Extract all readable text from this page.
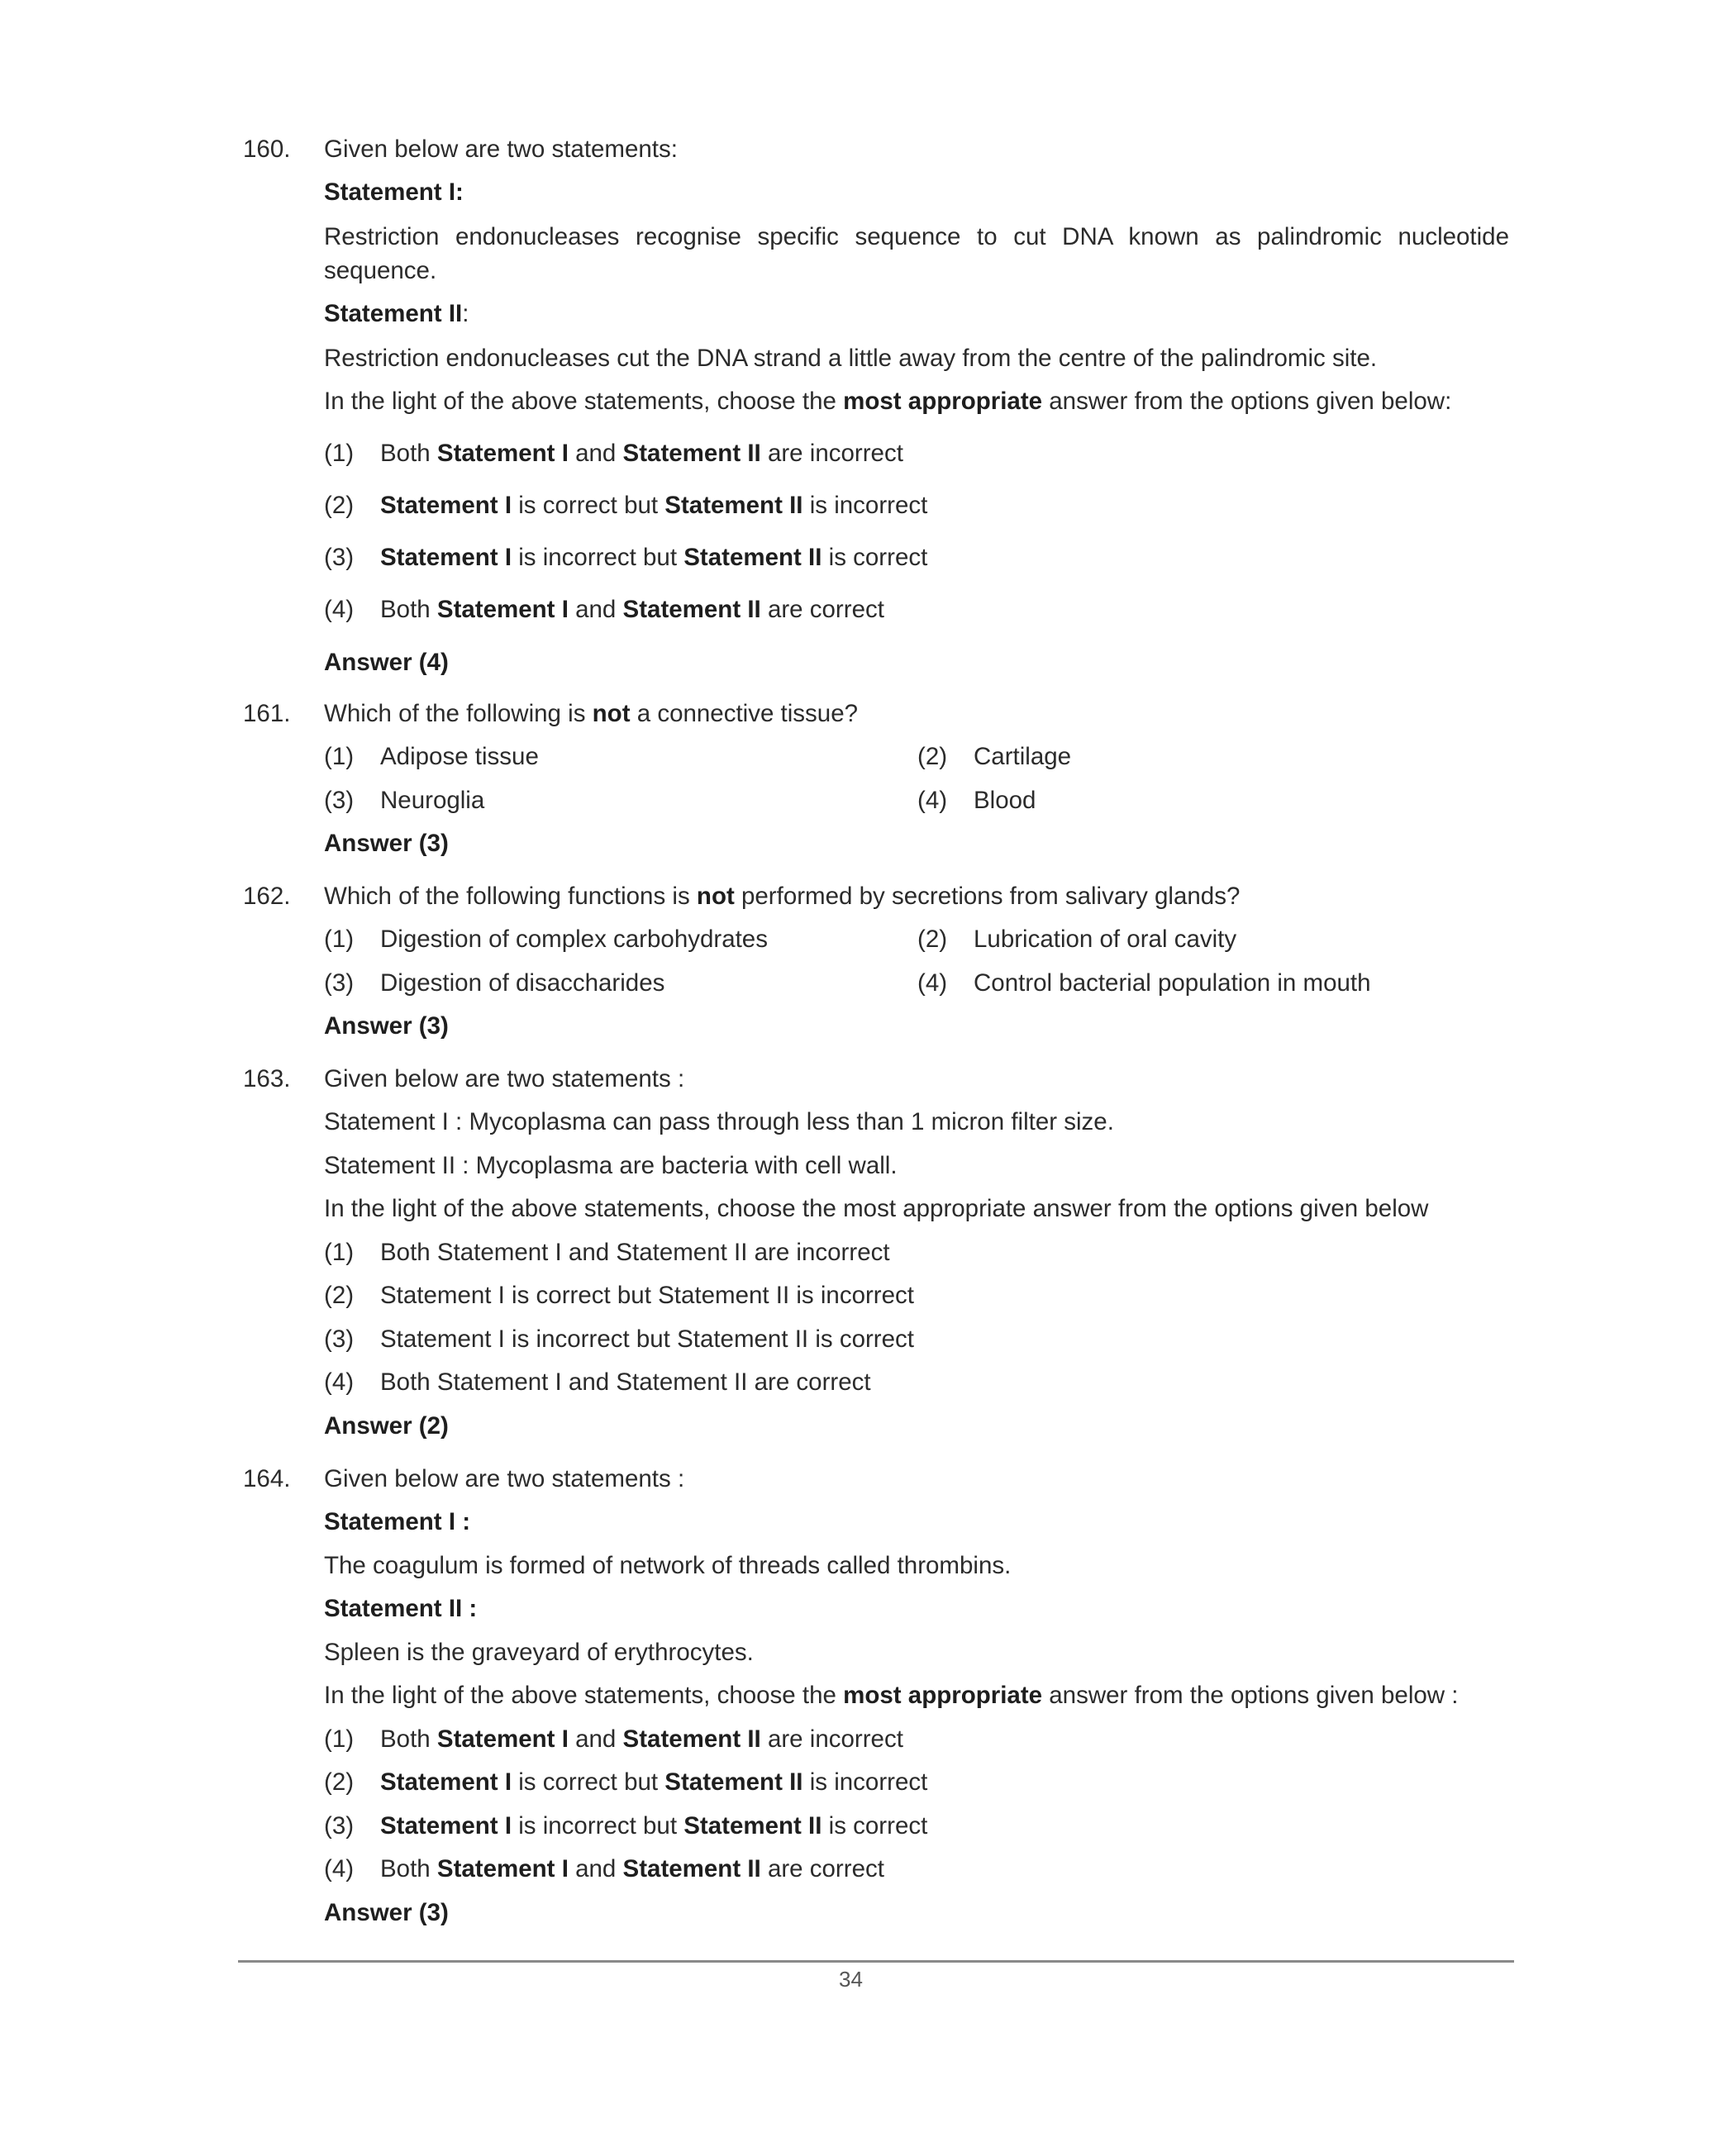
160.	Given below are two statements:

Statement I:

Restriction endonucleases recognise specific sequence to cut DNA known as palindromic nucleotide

sequence.

Statement II:

Restriction endonucleases cut the DNA strand a little away from the centre of the palindromic site.

In the light of the above statements, choose the most appropriate answer from the options given below:

(1) Both Statement I and Statement II are incorrect
(2) Statement I is correct but Statement II is incorrect
(3) Statement I is incorrect but Statement II is correct
(4) Both Statement I and Statement II are correct

Answer (4)

161.	Which of the following is not a connective tissue?

(1) Adipose tissue	(2) Cartilage
(3) Neuroglia	(4) Blood

Answer (3)

162.	Which of the following functions is not performed by secretions from salivary glands?

(1) Digestion of complex carbohydrates	(2) Lubrication of oral cavity
(3) Digestion of disaccharides	(4) Control bacterial population in mouth

Answer (3)

163.	Given below are two statements :

Statement I : Mycoplasma can pass through less than 1 micron filter size.

Statement II : Mycoplasma are bacteria with cell wall.

In the light of the above statements, choose the most appropriate answer from the options given below

(1) Both Statement I and Statement II are incorrect
(2) Statement I is correct but Statement II is incorrect
(3) Statement I is incorrect but Statement II is correct
(4) Both Statement I and Statement II are correct

Answer (2)

164.	Given below are two statements :

Statement I :

The coagulum is formed of network of threads called thrombins.

Statement II :

Spleen is the graveyard of erythrocytes.

In the light of the above statements, choose the most appropriate answer from the options given below :

(1) Both Statement I and Statement II are incorrect
(2) Statement I is correct but Statement II is incorrect
(3) Statement I is incorrect but Statement II is correct
(4) Both Statement I and Statement II are correct

Answer (3)

34
